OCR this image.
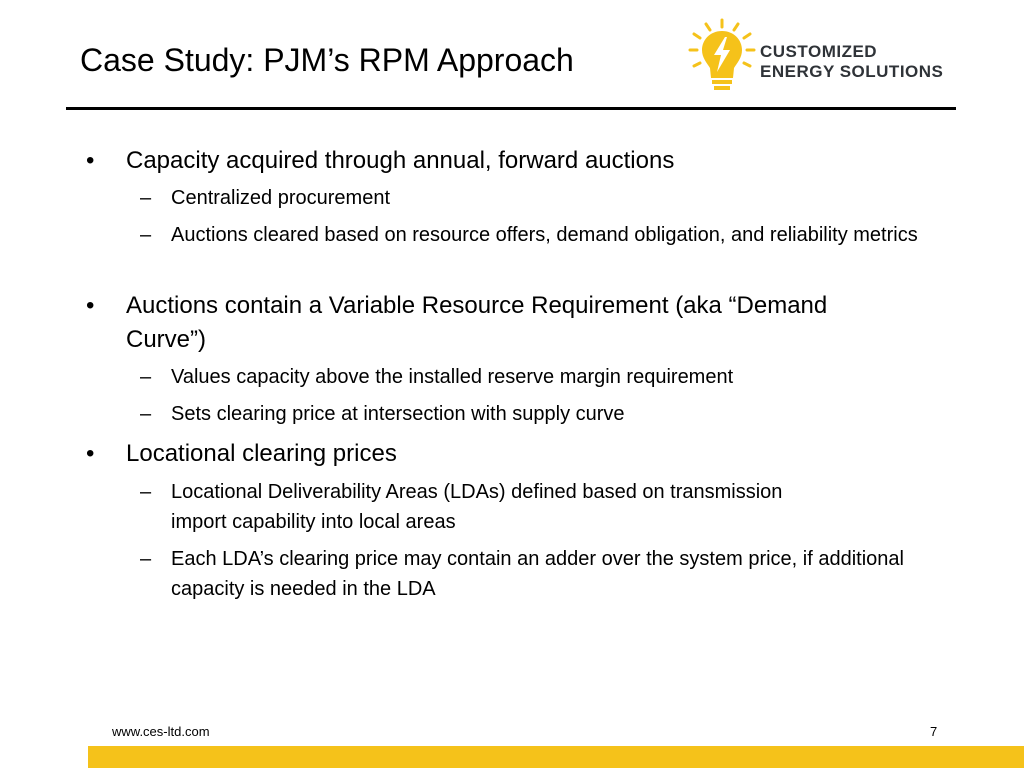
Case Study: PJM’s RPM Approach	CUSTOMIZED
ENERGY SOLUTIONS
•	Capacity acquired through annual, forward auctions
– Centralized procurement
– Auctions cleared based on resource offers, demand obligation, and reliability metrics
•	Auctions contain a Variable Resource Requirement (aka “Demand Curve”)
– Values capacity above the installed reserve margin requirement
– Sets clearing price at intersection with supply curve
•	Locational clearing prices
– Locational Deliverability Areas (LDAs) defined based on transmission import capability into local areas
– Each LDA’s clearing price may contain an adder over the system price, if additional capacity is needed in the LDA
www.ces-ltd.com	7
